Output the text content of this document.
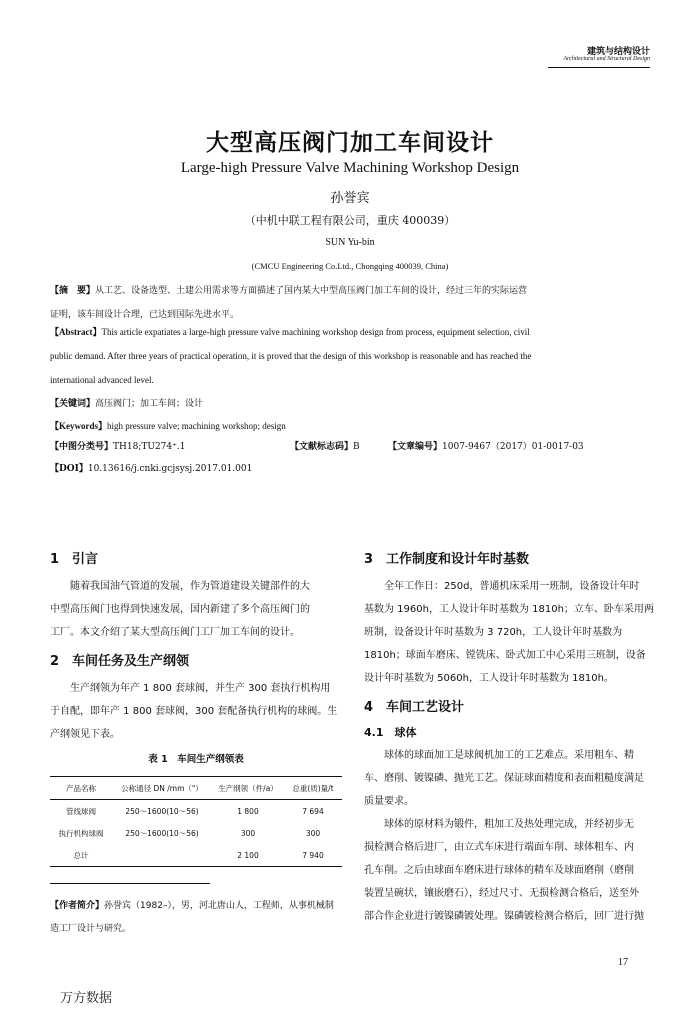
建筑与结构设计
Architectural and Structural Design
大型高压阀门加工车间设计
Large-high Pressure Valve Machining Workshop Design
孙誉宾
（中机中联工程有限公司，重庆 400039）
SUN Yu-bin
(CMCU Engineering Co.Ltd., Chongqing 400039, China)
【摘　要】从工艺、设备选型、土建公用需求等方面描述了国内某大中型高压阀门加工车间的设计，经过三年的实际运营
证明，该车间设计合理，已达到国际先进水平。
【Abstract】This article expatiates a large-high pressure valve machining workshop design from process, equipment selection, civil
public demand. After three years of practical operation, it is proved that the design of this workshop is reasonable and has reached the
international advanced level.
【关键词】高压阀门；加工车间；设计
【Keywords】high pressure valve; machining workshop; design
【中图分类号】TH18;TU274⁺.1	【文献标志码】B	【文章编号】1007-9467（2017）01-0017-03
【DOI】10.13616/j.cnki.gcjsysj.2017.01.001
1　引言
随着我国油气管道的发展，作为管道建设关键部件的大
中型高压阀门也得到快速发展，国内新建了多个高压阀门的
工厂。本文介绍了某大型高压阀门工厂加工车间的设计。
2　车间任务及生产纲领
生产纲领为年产 1 800 套球阀，并生产 300 套执行机构用
于自配，即年产 1 800 套球阀，300 套配备执行机构的球阀。生
产纲领见下表。
表 1　车间生产纲领表
产品名称	公称通径 DN /mm（"）	生产纲领（件/a）	总重(质)量/t
管线球阀	250～1600(10～56)	1 800	7 694
执行机构球阀	250～1600(10～56)	300	300
总计		2 100	7 940
【作者简介】孙誉宾（1982–），男，河北唐山人，工程师，从事机械制
造工厂设计与研究。
3　工作制度和设计年时基数
全年工作日：250d，普通机床采用一班制，设备设计年时
基数为 1960h，工人设计年时基数为 1810h；立车、卧车采用两
班制，设备设计年时基数为 3 720h，工人设计年时基数为
1810h；球面车磨床、镗铣床、卧式加工中心采用三班制，设备
设计年时基数为 5060h，工人设计年时基数为 1810h。
4　车间工艺设计
4.1　球体
球体的球面加工是球阀机加工的工艺难点。采用粗车、精
车、磨削、镀镍磷、抛光工艺。保证球面精度和表面粗糙度满足
质量要求。
球体的原材料为锻件，粗加工及热处理完成，并经初步无
损检测合格后进厂，由立式车床进行端面车削、球体粗车、内
孔车削。之后由球面车磨床进行球体的精车及球面磨削（磨削
装置呈碗状，镶嵌磨石），经过尺寸、无损检测合格后，送至外
部合作企业进行镀镍磷镀处理。镍磷镀检测合格后，回厂进行抛
17
万方数据
